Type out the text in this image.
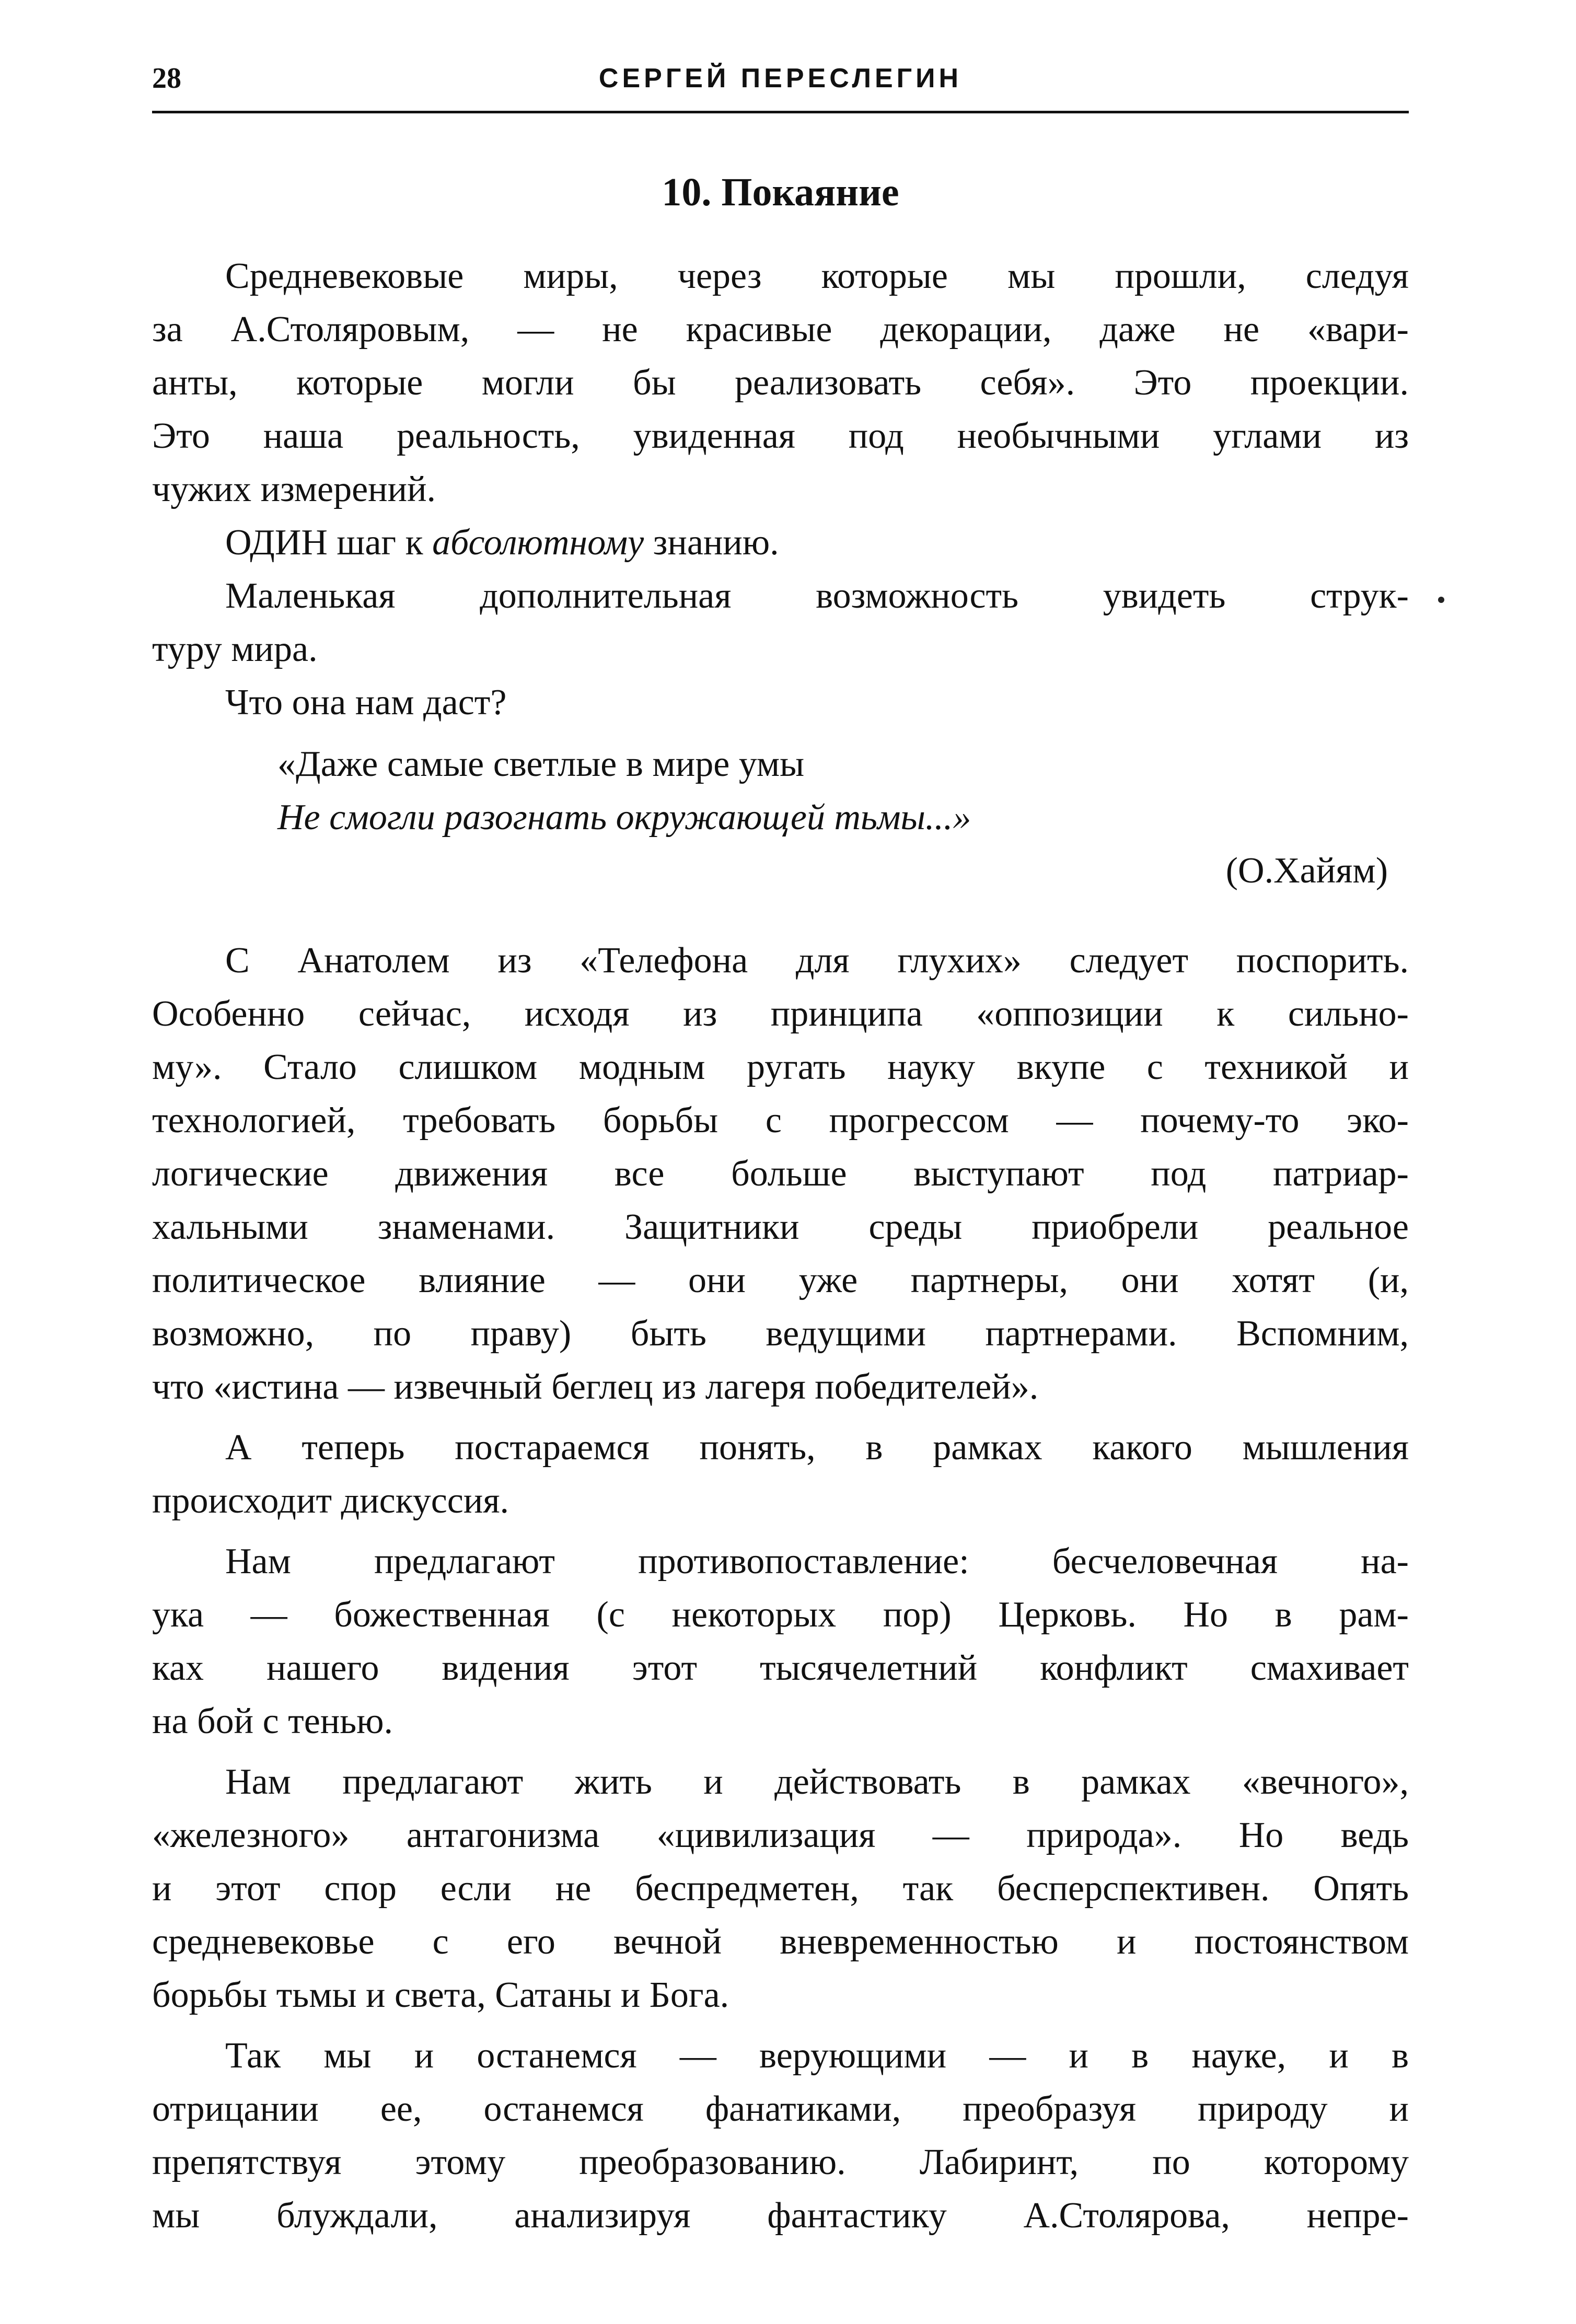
28	СЕРГЕЙ ПЕРЕСЛЕГИН
10. Покаяние

Средневековые миры, через которые мы прошли, следуя
за А.Столяровым, — не красивые декорации, даже не «вари-
анты, которые могли бы реализовать себя». Это проекции.
Это наша реальность, увиденная под необычными углами из
чужих измерений.

ОДИН шаг к абсолютному знанию.

Маленькая дополнительная возможность увидеть струк-
туру мира.

Что она нам даст?

«Даже самые светлые в мире умы
Не смогли разогнать окружающей тьмы...»
(О.Хайям)

С Анатолем из «Телефона для глухих» следует поспорить.
Особенно сейчас, исходя из принципа «оппозиции к сильно-
му». Стало слишком модным ругать науку вкупе с техникой и
технологией, требовать борьбы с прогрессом — почему-то эко-
логические движения все больше выступают под патриар-
хальными знаменами. Защитники среды приобрели реальное
политическое влияние — они уже партнеры, они хотят (и,
возможно, по праву) быть ведущими партнерами. Вспомним,
что «истина — извечный беглец из лагеря победителей».

А теперь постараемся понять, в рамках какого мышления
происходит дискуссия.

Нам предлагают противопоставление: бесчеловечная на-
ука — божественная (с некоторых пор) Церковь. Но в рам-
ках нашего видения этот тысячелетний конфликт смахивает
на бой с тенью.

Нам предлагают жить и действовать в рамках «вечного»,
«железного» антагонизма «цивилизация — природа». Но ведь
и этот спор если не беспредметен, так бесперспективен. Опять
средневековье с его вечной вневременностью и постоянством
борьбы тьмы и света, Сатаны и Бога.

Так мы и останемся — верующими — и в науке, и в
отрицании ее, останемся фанатиками, преобразуя природу и
препятствуя этому преобразованию. Лабиринт, по которому
мы блуждали, анализируя фантастику А.Столярова, непре-
